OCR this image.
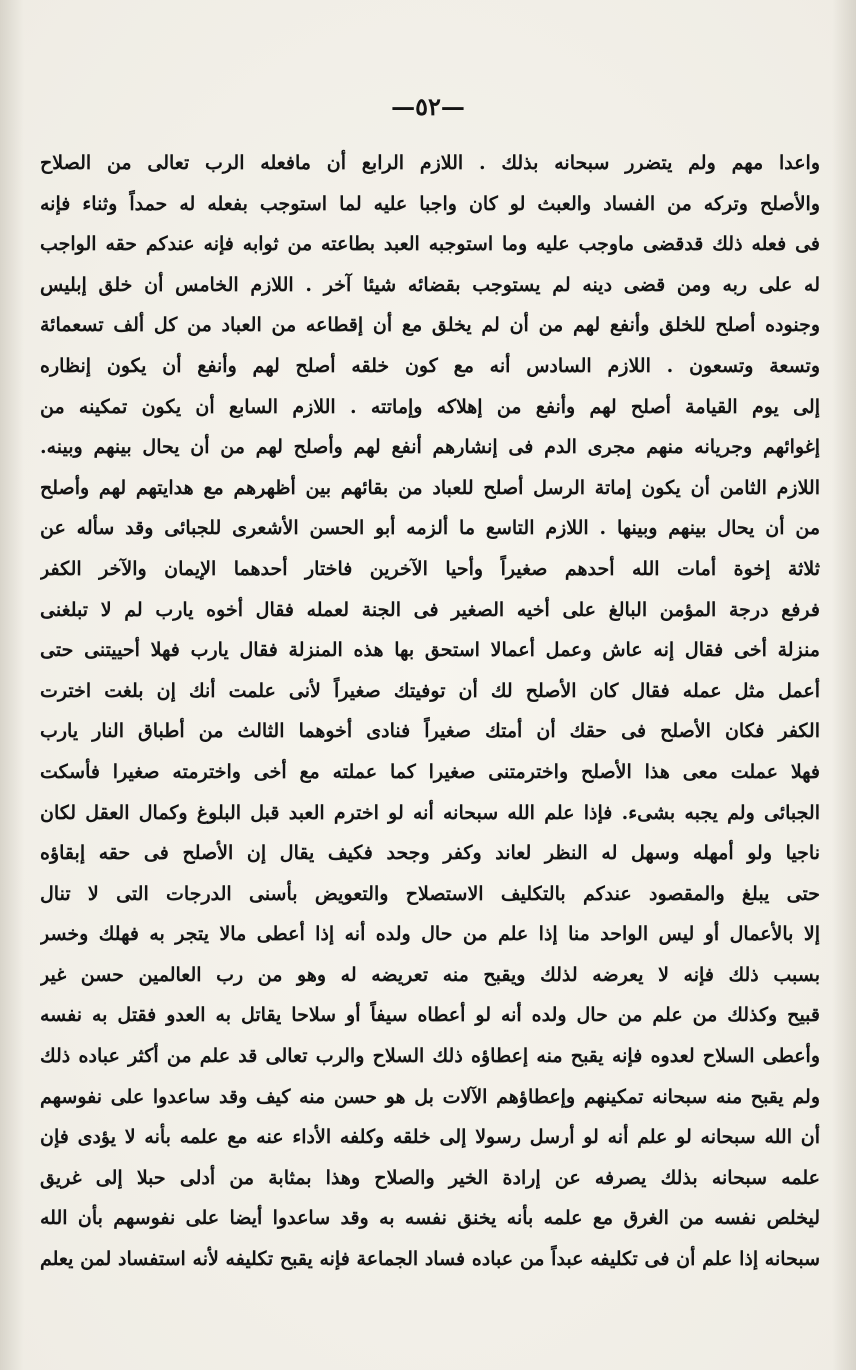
—٥٢—
واعدا مهم ولم يتضرر سبحانه بذلك . اللازم الرابع أن مافعله الرب تعالى من الصلاح
والأصلح وتركه من الفساد والعبث لو كان واجبا عليه لما استوجب بفعله له حمداً وثناء فإنه
فى فعله ذلك قدقضى ماوجب عليه وما استوجبه العبد بطاعته من ثوابه فإنه عندكم حقه الواجب
له على ربه ومن قضى دينه لم يستوجب بقضائه شيئا آخر . اللازم الخامس أن خلق إبليس
وجنوده أصلح للخلق وأنفع لهم من أن لم يخلق مع أن إقطاعه من العباد من كل ألف تسعمائة
وتسعة وتسعون . اللازم السادس أنه مع كون خلقه أصلح لهم وأنفع أن يكون إنظاره
إلى يوم القيامة أصلح لهم وأنفع من إهلاكه وإماتته . اللازم السابع أن يكون تمكينه من
إغوائهم وجريانه منهم مجرى الدم فى إنشارهم أنفع لهم وأصلح لهم من أن يحال بينهم وبينه.
اللازم الثامن أن يكون إماتة الرسل أصلح للعباد من بقائهم بين أظهرهم مع هدايتهم لهم وأصلح
من أن يحال بينهم وبينها . اللازم التاسع ما ألزمه أبو الحسن الأشعرى للجبائى وقد سأله عن
ثلاثة إخوة أمات الله أحدهم صغيراً وأحيا الآخرين فاختار أحدهما الإيمان والآخر الكفر
فرفع درجة المؤمن البالغ على أخيه الصغير فى الجنة لعمله فقال أخوه يارب لم لا تبلغنى
منزلة أخى فقال إنه عاش وعمل أعمالا استحق بها هذه المنزلة فقال يارب فهلا أحييتنى حتى
أعمل مثل عمله فقال كان الأصلح لك أن توفيتك صغيراً لأنى علمت أنك إن بلغت اخترت
الكفر فكان الأصلح فى حقك أن أمتك صغيراً فنادى أخوهما الثالث من أطباق النار يارب
فهلا عملت معى هذا الأصلح واخترمتنى صغيرا كما عملته مع أخى واخترمته صغيرا فأسكت
الجبائى ولم يجبه بشىء. فإذا علم الله سبحانه أنه لو اخترم العبد قبل البلوغ وكمال العقل لكان
ناجيا ولو أمهله وسهل له النظر لعاند وكفر وجحد فكيف يقال إن الأصلح فى حقه إبقاؤه
حتى يبلغ والمقصود عندكم بالتكليف الاستصلاح والتعويض بأسنى الدرجات التى لا تنال
إلا بالأعمال أو ليس الواحد منا إذا علم من حال ولده أنه إذا أعطى مالا يتجر به فهلك وخسر
بسبب ذلك فإنه لا يعرضه لذلك ويقبح منه تعريضه له وهو من رب العالمين حسن غير
قبيح وكذلك من علم من حال ولده أنه لو أعطاه سيفاً أو سلاحا يقاتل به العدو فقتل به نفسه
وأعطى السلاح لعدوه فإنه يقبح منه إعطاؤه ذلك السلاح والرب تعالى قد علم من أكثر عباده ذلك
ولم يقبح منه سبحانه تمكينهم وإعطاؤهم الآلات بل هو حسن منه كيف وقد ساعدوا على نفوسهم
أن الله سبحانه لو علم أنه لو أرسل رسولا إلى خلقه وكلفه الأداء عنه مع علمه بأنه لا يؤدى فإن
علمه سبحانه بذلك يصرفه عن إرادة الخير والصلاح وهذا بمثابة من أدلى حبلا إلى غريق
ليخلص نفسه من الغرق مع علمه بأنه يخنق نفسه به وقد ساعدوا أيضا على نفوسهم بأن الله
سبحانه إذا علم أن فى تكليفه عبداً من عباده فساد الجماعة فإنه يقبح تكليفه لأنه استفساد لمن يعلم
